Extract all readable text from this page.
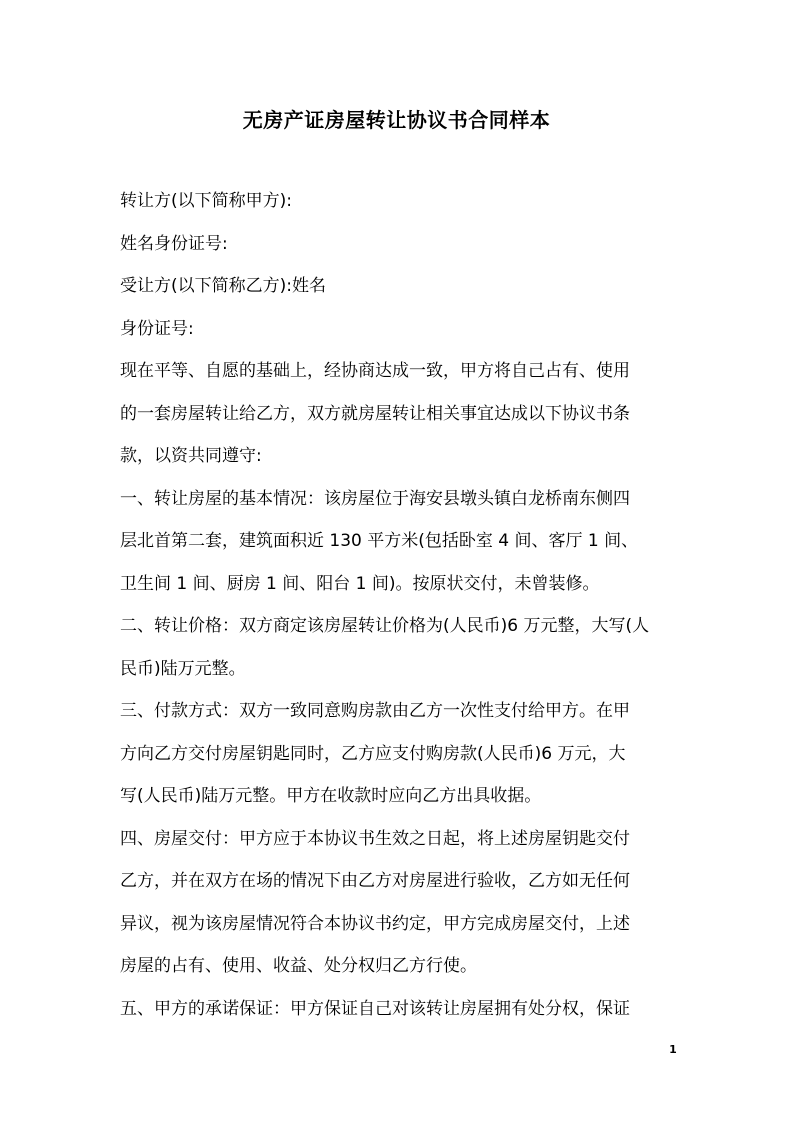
无房产证房屋转让协议书合同样本
转让方(以下简称甲方):
姓名身份证号:
受让方(以下简称乙方):姓名
身份证号:
现在平等、自愿的基础上，经协商达成一致，甲方将自己占有、使用
的一套房屋转让给乙方，双方就房屋转让相关事宜达成以下协议书条
款，以资共同遵守:
一、转让房屋的基本情况：该房屋位于海安县墩头镇白龙桥南东侧四
层北首第二套，建筑面积近 130 平方米(包括卧室 4 间、客厅 1 间、
卫生间 1 间、厨房 1 间、阳台 1 间)。按原状交付，未曾装修。
二、转让价格：双方商定该房屋转让价格为(人民币)6 万元整，大写(人
民币)陆万元整。
三、付款方式：双方一致同意购房款由乙方一次性支付给甲方。在甲
方向乙方交付房屋钥匙同时，乙方应支付购房款(人民币)6 万元，大
写(人民币)陆万元整。甲方在收款时应向乙方出具收据。
四、房屋交付：甲方应于本协议书生效之日起，将上述房屋钥匙交付
乙方，并在双方在场的情况下由乙方对房屋进行验收，乙方如无任何
异议，视为该房屋情况符合本协议书约定，甲方完成房屋交付，上述
房屋的占有、使用、收益、处分权归乙方行使。
五、甲方的承诺保证：甲方保证自己对该转让房屋拥有处分权，保证
1
